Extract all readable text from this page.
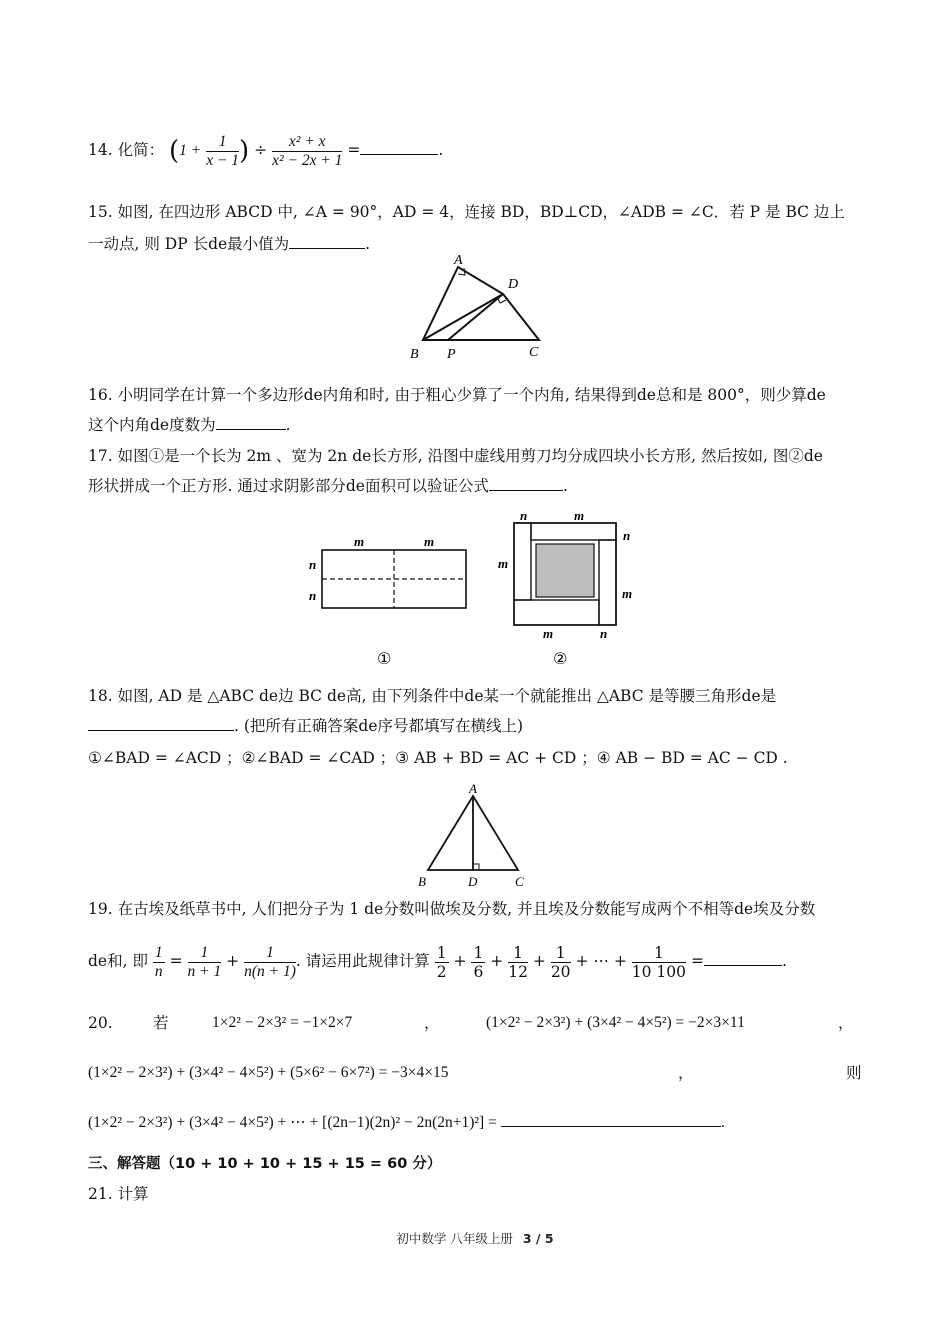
14. 化简： ($1 + \frac{1}{x - 1}$ ) ÷ $\frac{\text{x² + x}}{\text{x² − 2x + 1}}$ =	.
15. 如图, 在四边形 ABCD 中, ∠A = 90°，AD = 4，连接 BD，BD⊥CD，∠ADB = ∠C．若 P 是 BC 边上
一动点, 则 DP 长de最小值为	.
A
D
B P	C
16. 小明同学在计算一个多边形de内角和时, 由于粗心少算了一个内角, 结果得到de总和是 800°，则少算de
这个内角de度数为	.
17. 如图①是一个长为 2m 、宽为 2n de长方形, 沿图中虚线用剪刀均分成四块小长方形, 然后按如, 图②de
形状拼成一个正方形. 通过求阴影部分de面积可以验证公式	.
m	m
n
n
①
n	m
m
n
m
m	n
②
18. 如图, AD 是 △ABC de边 BC de高, 由下列条件中de某一个就能推出 △ABC 是等腰三角形de是
. (把所有正确答案de序号都填写在横线上)
①∠BAD = ∠ACD ；②∠BAD = ∠CAD ；③ AB + BD = AC + CD ；④ AB − BD = AC − CD .
A
B	D	C
19. 在古埃及纸草书中, 人们把分子为 1 de分数叫做埃及分数, 并且埃及分数能写成两个不相等de埃及分数
de和, 即 $\frac{1}{n} = \frac{1}{n + 1} + \frac{1}{n(n + 1)}$ . 请运用此规律计算 $\frac{1}{2} + \frac{1}{6} + \frac{1}{12} + \frac{1}{20}$ + ⋯ + $\frac{1}{10 100}$ =	.
20.	若	1×2² − 2×3² = −1×2×7	，	(1×2² − 2×3²) + (3×4² − 4×5²) = −2×3×11	，
(1×2² − 2×3²) + (3×4² − 4×5²) + (5×6² − 6×7²) = −3×4×15	，	则
(1×2² − 2×3²) + (3×4² − 4×5²) + ⋯ + [(2n−1)(2n)² − 2n(2n+1)²] =	.
三、解答题（10 + 10 + 10 + 15 + 15 = 60 分）
21. 计算
初中数学 八年级上册 3 / 5
